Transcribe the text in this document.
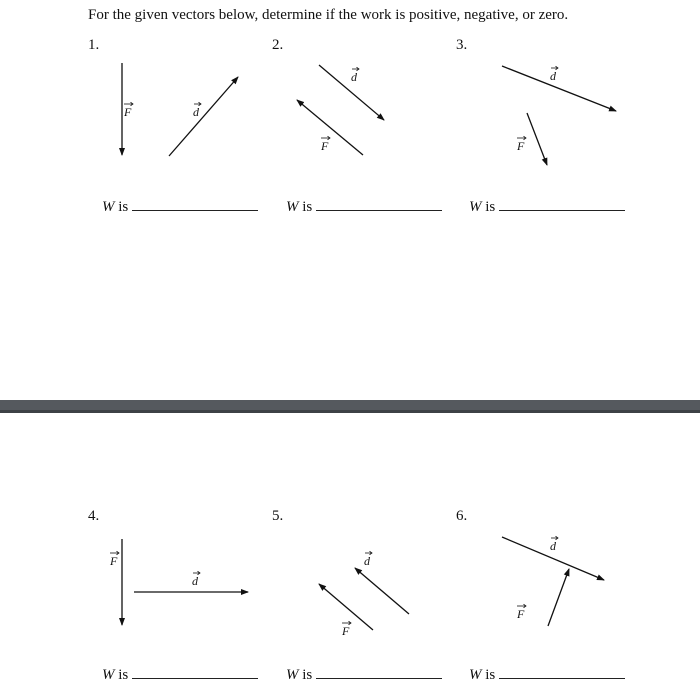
For the given vectors below, determine if the work is positive, negative, or zero.
1.	2.	3.
F	d
d
F
d
F
W is	W is	W is
4.	5.	6.
F
d
d
F
d
F
W is	W is	W is
